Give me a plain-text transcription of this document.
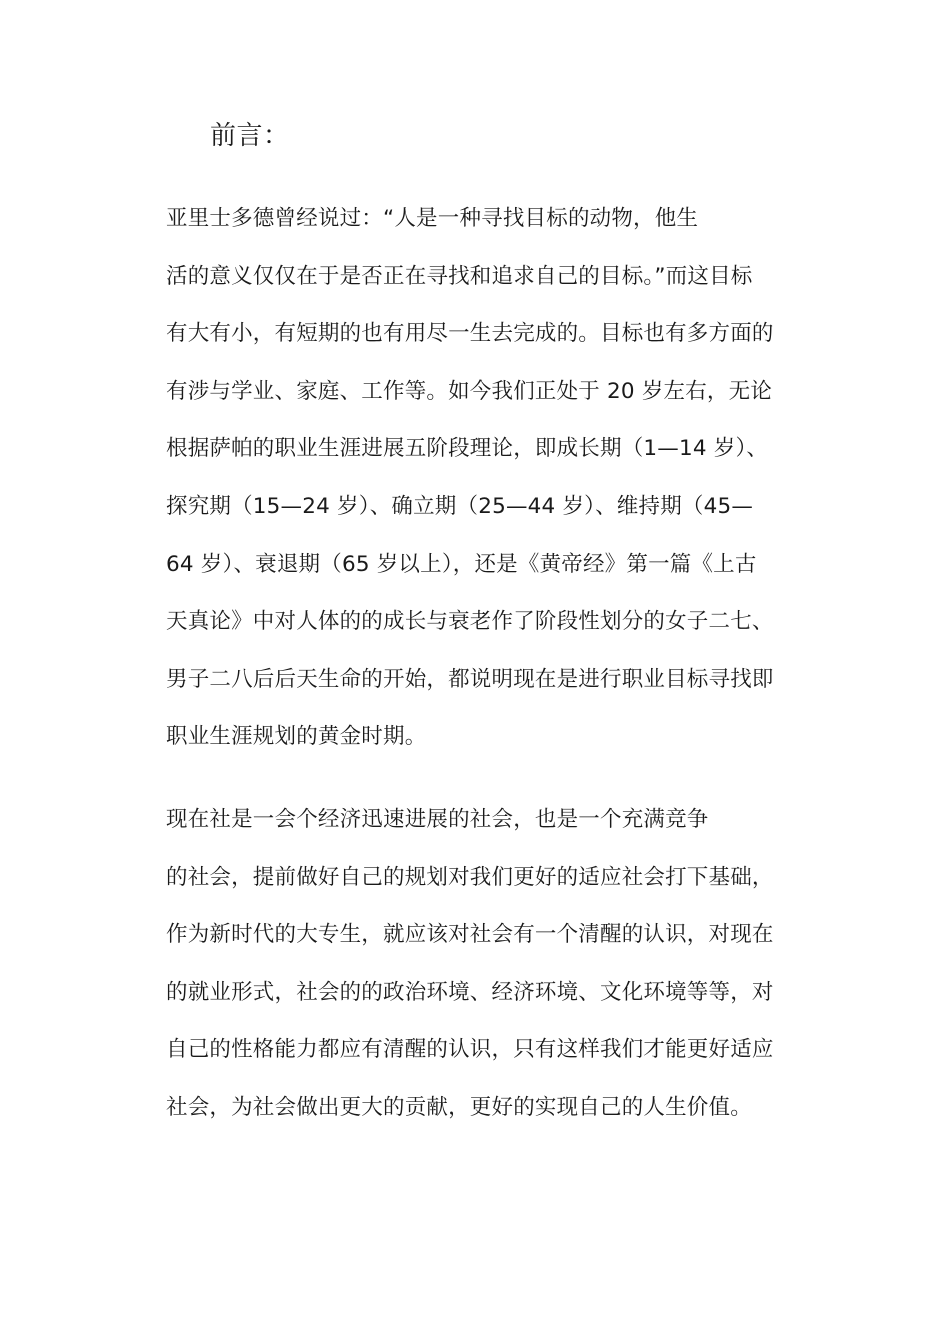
前言：
亚里士多德曾经说过：“人是一种寻找目标的动物，他生
活的意义仅仅在于是否正在寻找和追求自己的目标。”而这目标
有大有小，有短期的也有用尽一生去完成的。目标也有多方面的
有涉与学业、家庭、工作等。如今我们正处于 20 岁左右，无论
根据萨帕的职业生涯进展五阶段理论，即成长期（1—14 岁）、
探究期（15—24 岁）、确立期（25—44 岁）、维持期（45—
64 岁）、衰退期（65 岁以上），还是《黄帝经》第一篇《上古
天真论》中对人体的的成长与衰老作了阶段性划分的女子二七、
男子二八后后天生命的开始，都说明现在是进行职业目标寻找即
职业生涯规划的黄金时期。
现在社是一会个经济迅速进展的社会，也是一个充满竞争
的社会，提前做好自己的规划对我们更好的适应社会打下基础，
作为新时代的大专生，就应该对社会有一个清醒的认识，对现在
的就业形式，社会的的政治环境、经济环境、文化环境等等，对
自己的性格能力都应有清醒的认识，只有这样我们才能更好适应
社会，为社会做出更大的贡献，更好的实现自己的人生价值。
